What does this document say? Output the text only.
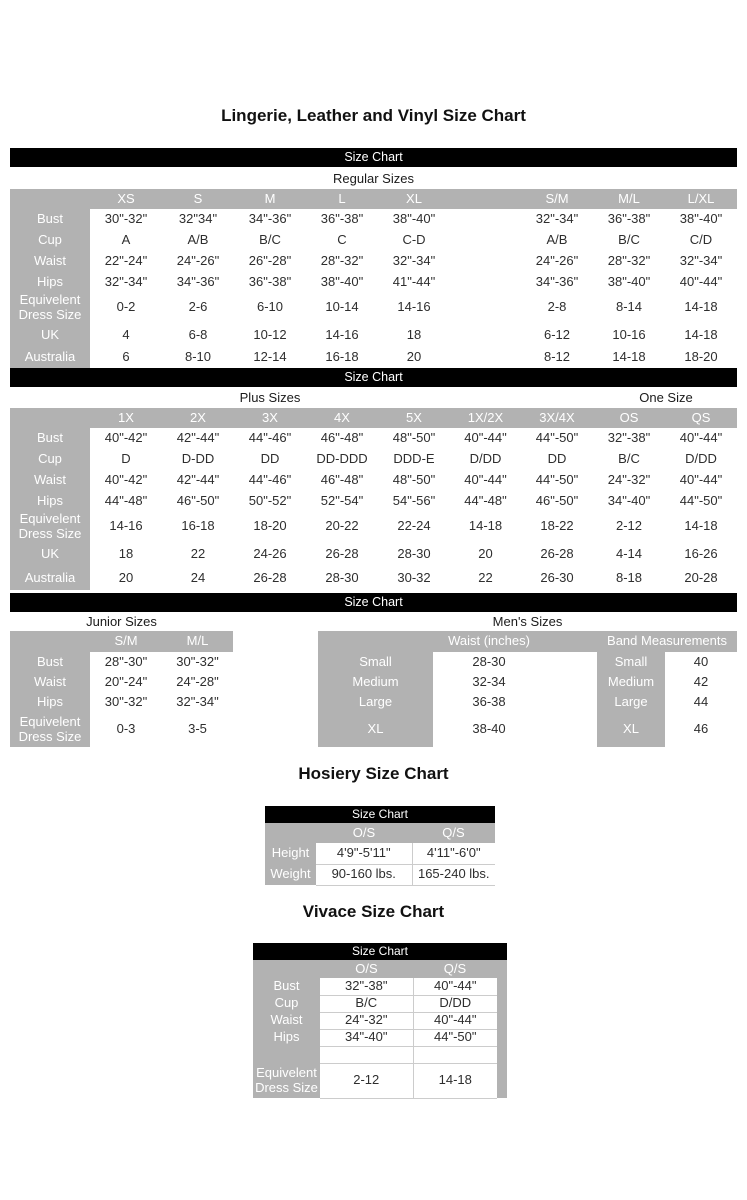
Lingerie, Leather and Vinyl Size Chart
Size Chart
Regular Sizes
	XS	S	M	L	XL		S/M	M/L	L/XL
Bust	30"-32"	32"34"	34"-36"	36"-38"	38"-40"		32"-34"	36"-38"	38"-40"
Cup	A	A/B	B/C	C	C-D		A/B	B/C	C/D
Waist	22"-24"	24"-26"	26"-28"	28"-32"	32"-34"		24"-26"	28"-32"	32"-34"
Hips	32"-34"	34"-36"	36"-38"	38"-40"	41"-44"		34"-36"	38"-40"	40"-44"
Equivelent Dress Size	0-2	2-6	6-10	10-14	14-16		2-8	8-14	14-18
UK	4	6-8	10-12	14-16	18		6-12	10-16	14-18
Australia	6	8-10	12-14	16-18	20		8-12	14-18	18-20
Size Chart
Plus Sizes	One Size
	1X	2X	3X	4X	5X	1X/2X	3X/4X	OS	QS
Bust	40"-42"	42"-44"	44"-46"	46"-48"	48"-50"	40"-44"	44"-50"	32"-38"	40"-44"
Cup	D	D-DD	DD	DD-DDD	DDD-E	D/DD	DD	B/C	D/DD
Waist	40"-42"	42"-44"	44"-46"	46"-48"	48"-50"	40"-44"	44"-50"	24"-32"	40"-44"
Hips	44"-48"	46"-50"	50"-52"	52"-54"	54"-56"	44"-48"	46"-50"	34"-40"	44"-50"
Equivelent Dress Size	14-16	16-18	18-20	20-22	22-24	14-18	18-22	2-12	14-18
UK	18	22	24-26	26-28	28-30	20	26-28	4-14	16-26
Australia	20	24	26-28	28-30	30-32	22	26-30	8-18	20-28
Size Chart
Junior Sizes	Men's Sizes
	S/M	M/L
Bust	28"-30"	30"-32"
Waist	20"-24"	24"-28"
Hips	30"-32"	32"-34"
Equivelent Dress Size	0-3	3-5
	Waist (inches)		Band Measurements	
Small	28-30		Small	40
Medium	32-34		Medium	42
Large	36-38		Large	44
XL	38-40		XL	46
Hosiery Size Chart
Size Chart
	O/S	Q/S
Height	4'9"-5'11"	4'11"-6'0"
Weight	90-160 lbs.	165-240 lbs.
Vivace Size Chart
Size Chart
	O/S	Q/S	
Bust	32"-38"	40"-44"	
Cup	B/C	D/DD	
Waist	24"-32"	40"-44"	
Hips	34"-40"	44"-50"	

Equivelent Dress Size	2-12	14-18	
